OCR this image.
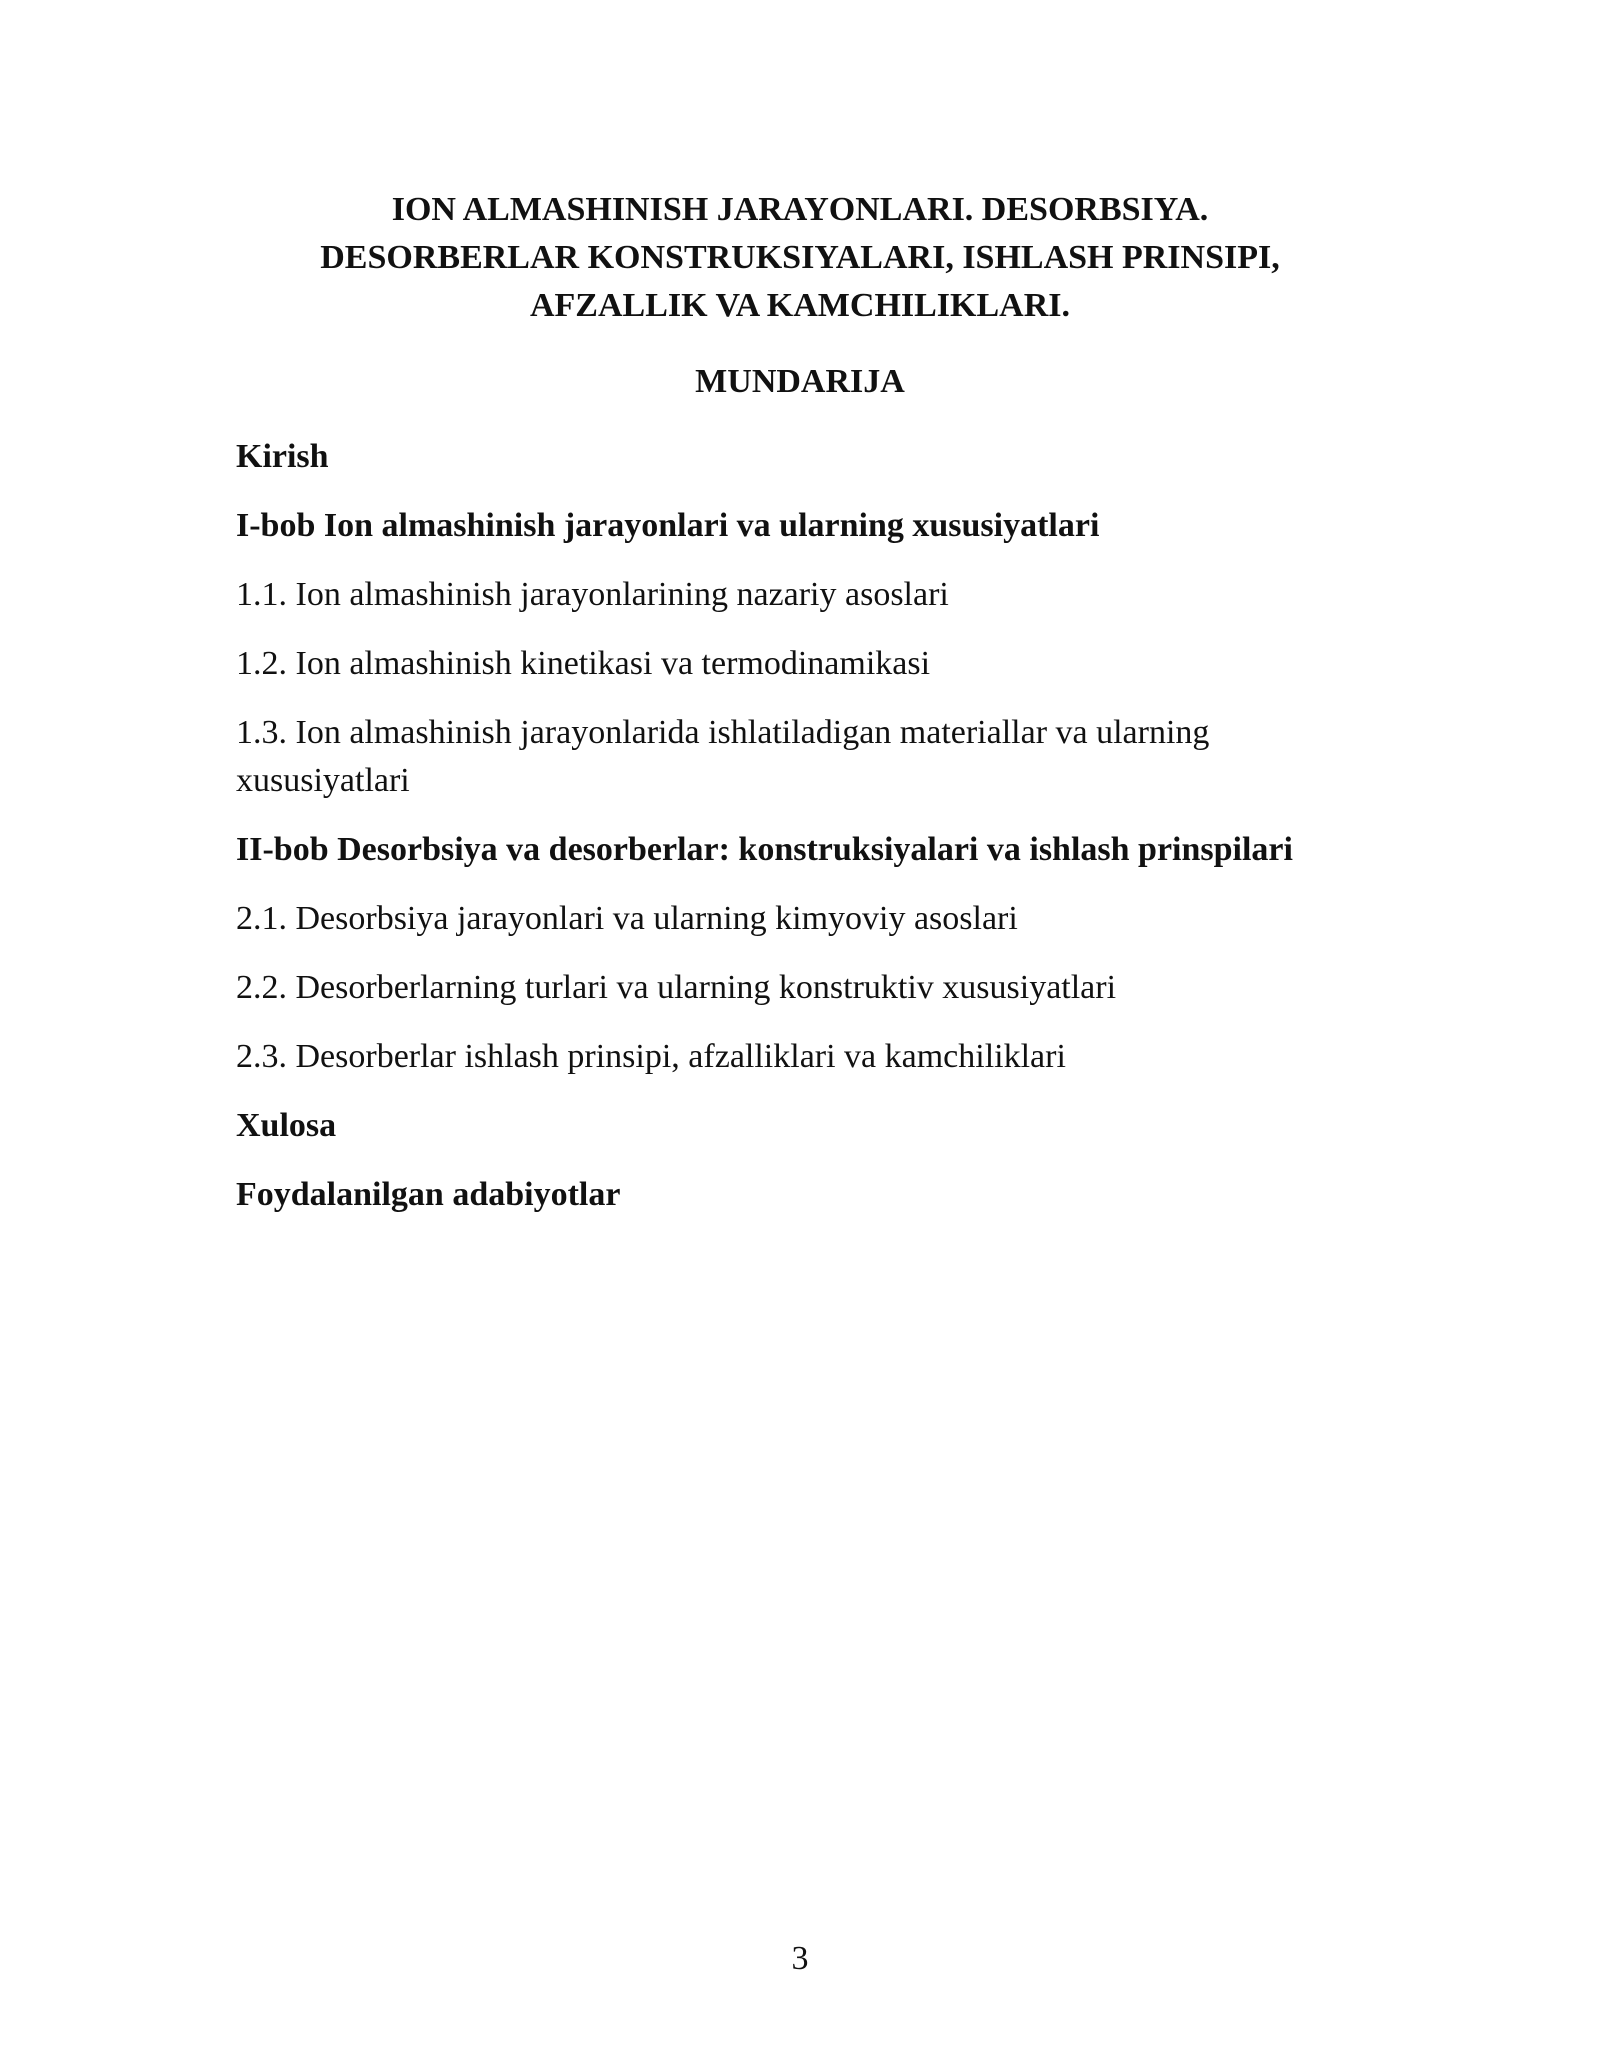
ION ALMASHINISH JARAYONLARI. DESORBSIYA.
DESORBERLAR KONSTRUKSIYALARI, ISHLASH PRINSIPI,
AFZALLIK VA KAMCHILIKLARI.
MUNDARIJA
Kirish
I-bob Ion almashinish jarayonlari va ularning xususiyatlari
1.1. Ion almashinish jarayonlarining nazariy asoslari
1.2. Ion almashinish kinetikasi va termodinamikasi
1.3. Ion almashinish jarayonlarida ishlatiladigan materiallar va ularning xususiyatlari
II-bob Desorbsiya va desorberlar: konstruksiyalari va ishlash prinspilari
2.1. Desorbsiya jarayonlari va ularning kimyoviy asoslari
2.2. Desorberlarning turlari va ularning konstruktiv xususiyatlari
2.3. Desorberlar ishlash prinsipi, afzalliklari va kamchiliklari
Xulosa
Foydalanilgan adabiyotlar
3
